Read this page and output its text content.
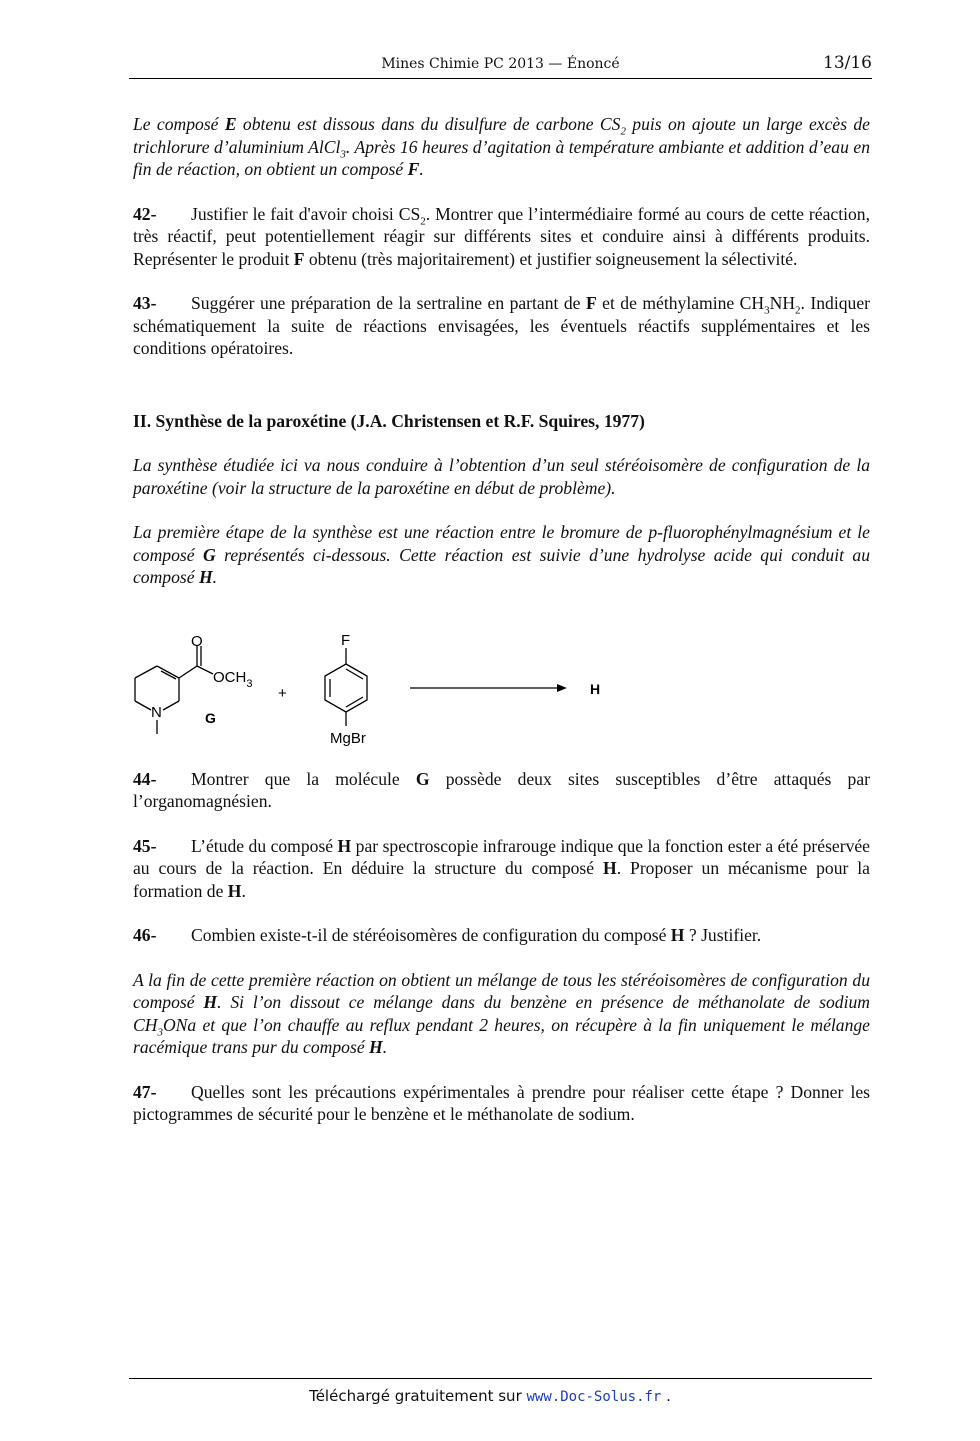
Mines Chimie PC 2013 — Énoncé	13/16

Le composé E obtenu est dissous dans du disulfure de carbone $CS_2$ puis on ajoute un large excès de trichlorure d’aluminium AlCl$_3$. Après 16 heures d’agitation à température ambiante et addition d’eau en fin de réaction, on obtient un composé F.

42- Justifier le fait d'avoir choisi $CS_2$. Montrer que l’intermédiaire formé au cours de cette réaction, très réactif, peut potentiellement réagir sur différents sites et conduire ainsi à différents produits. Représenter le produit F obtenu (très majoritairement) et justifier soigneusement la sélectivité.

43- Suggérer une préparation de la sertraline en partant de F et de méthylamine $CH_3NH_2$. Indiquer schématiquement la suite de réactions envisagées, les éventuels réactifs supplémentaires et les conditions opératoires.

II. Synthèse de la paroxétine (J.A. Christensen et R.F. Squires, 1977)

La synthèse étudiée ici va nous conduire à l’obtention d’un seul stéréoisomère de configuration de la paroxétine (voir la structure de la paroxétine en début de problème).

La première étape de la synthèse est une réaction entre le bromure de p-fluorophénylmagnésium et le composé G représentés ci-dessous. Cette réaction est suivie d’une hydrolyse acide qui conduit au composé H.

44- Montrer que la molécule G possède deux sites susceptibles d’être attaqués par l’organomagnésien.

45- L’étude du composé H par spectroscopie infrarouge indique que la fonction ester a été préservée au cours de la réaction. En déduire la structure du composé H. Proposer un mécanisme pour la formation de H.

46- Combien existe-t-il de stéréoisomères de configuration du composé H ? Justifier.

A la fin de cette première réaction on obtient un mélange de tous les stéréoisomères de configuration du composé H. Si l’on dissout ce mélange dans du benzène en présence de méthanolate de sodium $CH_3ONa$ et que l’on chauffe au reflux pendant 2 heures, on récupère à la fin uniquement le mélange racémique trans pur du composé H.

47- Quelles sont les précautions expérimentales à prendre pour réaliser cette étape ? Donner les pictogrammes de sécurité pour le benzène et le méthanolate de sodium.

O
$OCH_3$
N	G
+
F
MgBr
H
Téléchargé gratuitement sur www.Doc-Solus.fr .
